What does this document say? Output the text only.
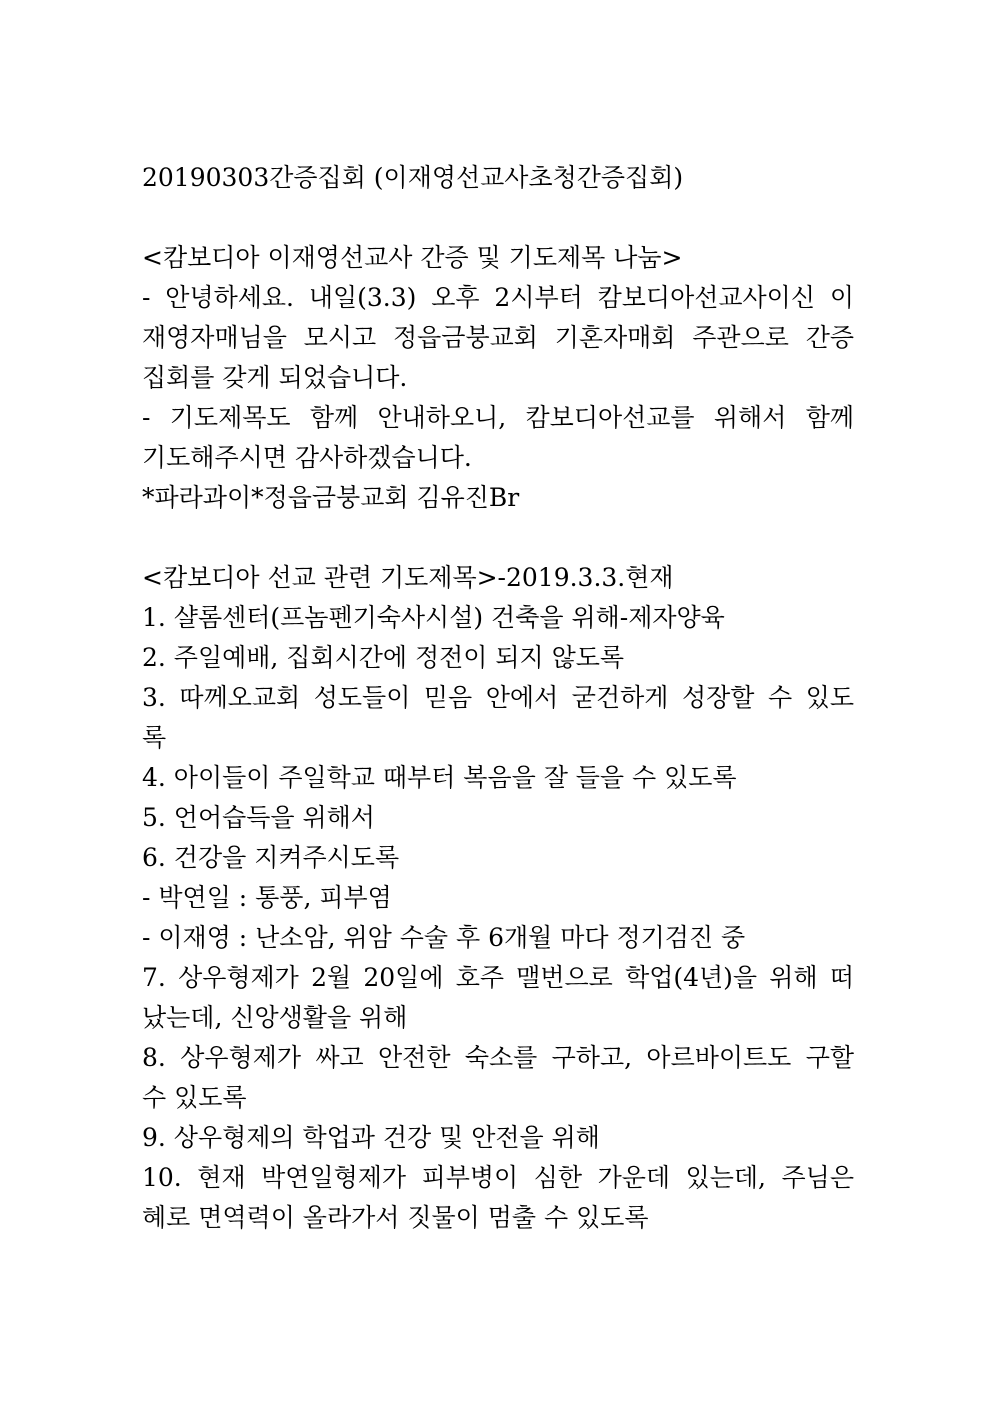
20190303간증집회 (이재영선교사초청간증집회)
<캄보디아 이재영선교사 간증 및 기도제목 나눔>
- 안녕하세요. 내일(3.3) 오후 2시부터 캄보디아선교사이신 이
재영자매님을 모시고 정읍금붕교회 기혼자매회 주관으로 간증
집회를 갖게 되었습니다.
- 기도제목도 함께 안내하오니, 캄보디아선교를 위해서 함께
기도해주시면 감사하겠습니다.
*파라과이*정읍금붕교회 김유진Br
<캄보디아 선교 관련 기도제목>-2019.3.3.현재
1. 샬롬센터(프놈펜기숙사시설) 건축을 위해-제자양육
2. 주일예배, 집회시간에 정전이 되지 않도록
3. 따께오교회 성도들이 믿음 안에서 굳건하게 성장할 수 있도
록
4. 아이들이 주일학교 때부터 복음을 잘 들을 수 있도록
5. 언어습득을 위해서
6. 건강을 지켜주시도록
- 박연일 : 통풍, 피부염
- 이재영 : 난소암, 위암 수술 후 6개월 마다 정기검진 중
7. 상우형제가 2월 20일에 호주 맬번으로 학업(4년)을 위해 떠
났는데, 신앙생활을 위해
8. 상우형제가 싸고 안전한 숙소를 구하고, 아르바이트도 구할
수 있도록
9. 상우형제의 학업과 건강 및 안전을 위해
10. 현재 박연일형제가 피부병이 심한 가운데 있는데, 주님은
혜로 면역력이 올라가서 짓물이 멈출 수 있도록
